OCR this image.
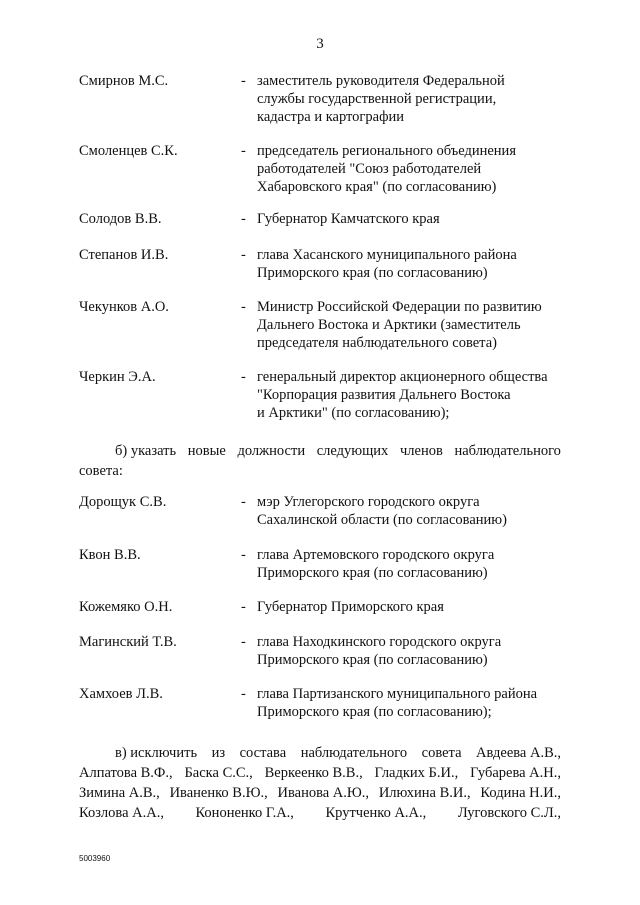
3
Смирнов М.С.	- заместитель руководителя Федеральной
службы государственной регистрации,
кадастра и картографии
Смоленцев С.К.	- председатель регионального объединения
работодателей "Союз работодателей
Хабаровского края" (по согласованию)
Солодов В.В.	- Губернатор Камчатского края
Степанов И.В.	- глава Хасанского муниципального района
Приморского края (по согласованию)
Чекунков А.О.	- Министр Российской Федерации по развитию
Дальнего Востока и Арктики (заместитель
председателя наблюдательного совета)
Черкин Э.А.	- генеральный директор акционерного общества
"Корпорация развития Дальнего Востока
и Арктики" (по согласованию);
б) указать новые должности следующих членов наблюдательного
совета:
Дорощук С.В.	- мэр Углегорского городского округа
Сахалинской области (по согласованию)
Квон В.В.	- глава Артемовского городского округа
Приморского края (по согласованию)
Кожемяко О.Н.	- Губернатор Приморского края
Магинский Т.В.	- глава Находкинского городского округа
Приморского края (по согласованию)
Хамхоев Л.В.	- глава Партизанского муниципального района
Приморского края (по согласованию);
в) исключить из состава наблюдательного совета Авдеева А.В.,
Алпатова В.Ф., Баска С.С., Веркеенко В.В., Гладких Б.И., Губарева А.Н.,
Зимина А.В., Иваненко В.Ю., Иванова А.Ю., Илюхина В.И., Кодина Н.И.,
Козлова А.А., Кононенко Г.А., Крутченко А.А., Луговского С.Л.,
5003960
